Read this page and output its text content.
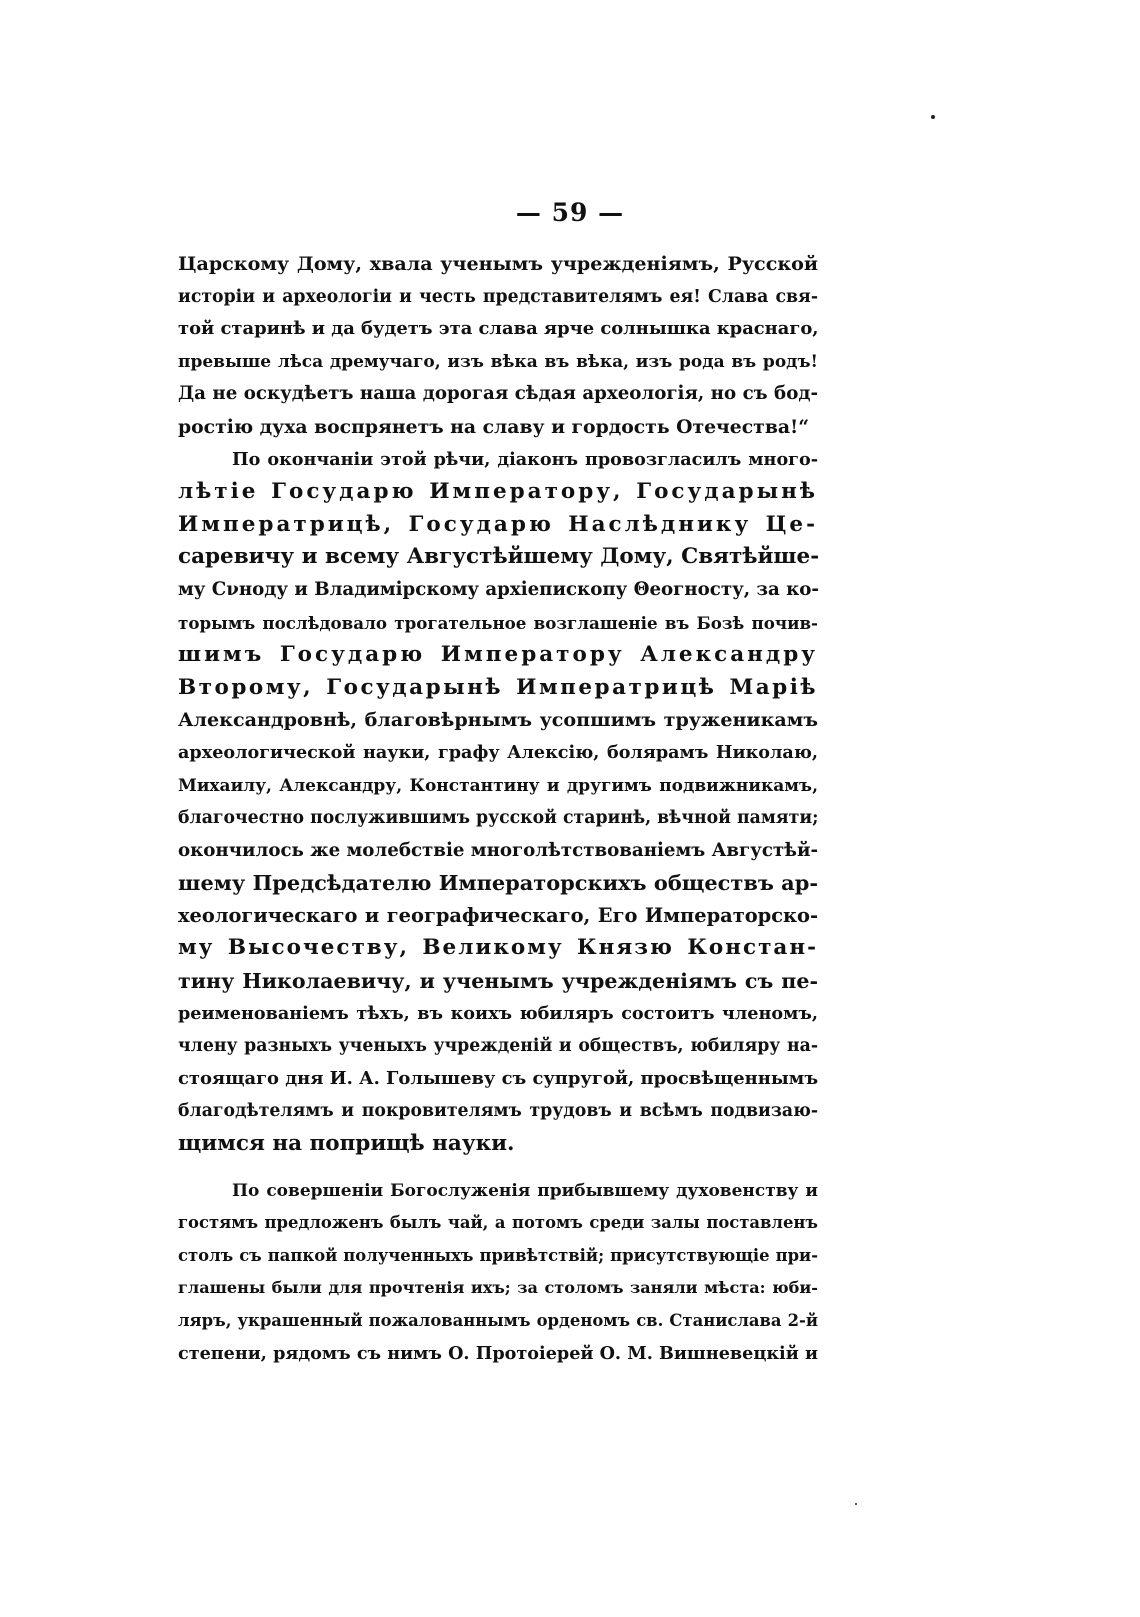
— 59 —
Царскому Дому, хвала ученымъ учрежденіямъ, Русской
исторіи и археологіи и честь представителямъ ея! Слава свя-
той старинѣ и да будетъ эта слава ярче солнышка краснаго,
превыше лѣса дремучаго, изъ вѣка въ вѣка, изъ рода въ родъ!
Да не оскудѣетъ наша дорогая сѣдая археологія, но съ бод-
ростію духа воспрянетъ на славу и гордость Отечества!“
По окончаніи этой рѣчи, діаконъ провозгласилъ много-
лѣтіе Государю Императору, Государынѣ
Императрицѣ, Государю Наслѣднику Це-
саревичу и всему Августѣйшему Дому, Святѣйше-
му Сνноду и Владимірскому архіепископу Θеогносту, за ко-
торымъ послѣдовало трогательное возглашеніе въ Бозѣ почив-
шимъ Государю Императору Александру
Второму, Государынѣ Императрицѣ Маріѣ
Александровнѣ, благовѣрнымъ усопшимъ труженикамъ
археологической науки, графу Алексію, болярамъ Николаю,
Михаилу, Александру, Константину и другимъ подвижникамъ,
благочестно послужившимъ русской старинѣ, вѣчной памяти;
окончилось же молебствіе многолѣтствованіемъ Августѣй-
шему Предсѣдателю Императорскихъ обществъ ар-
хеологическаго и географическаго, Его Императорско-
му Высочеству, Великому Князю Констан-
тину Николаевичу, и ученымъ учрежденіямъ съ пе-
реименованіемъ тѣхъ, въ коихъ юбиляръ состоитъ членомъ,
члену разныхъ ученыхъ учрежденій и обществъ, юбиляру на-
стоящаго дня И. А. Голышеву съ супругой, просвѣщеннымъ
благодѣтелямъ и покровителямъ трудовъ и всѣмъ подвизаю-
щимся на поприщѣ науки.
По совершеніи Богослуженія прибывшему духовенству и
гостямъ предложенъ былъ чай, а потомъ среди залы поставленъ
столъ съ папкой полученныхъ привѣтствій; присутствующіе при-
глашены были для прочтенія ихъ; за столомъ заняли мѣста: юби-
ляръ, украшенный пожалованнымъ орденомъ св. Станислава 2-й
степени, рядомъ съ нимъ О. Протоіерей О. М. Вишневецкій и
